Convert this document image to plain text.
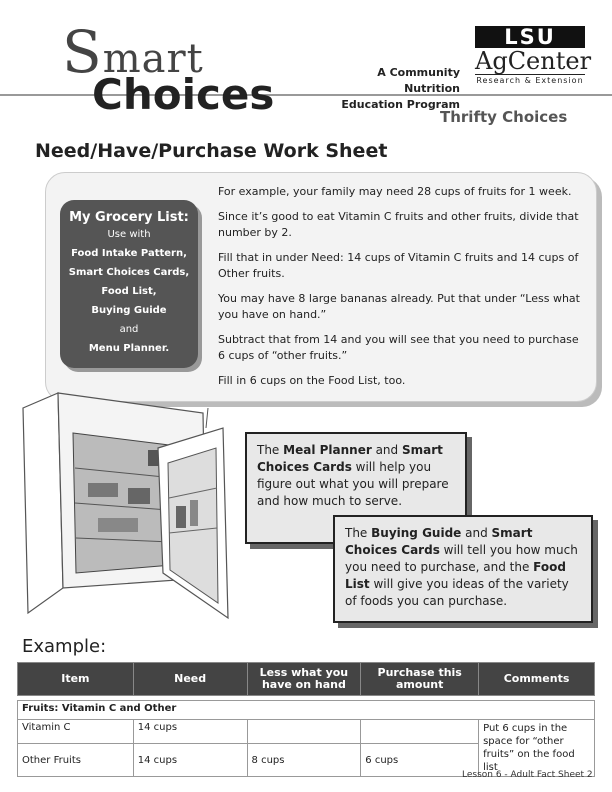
Smart
Choices	A Community Nutrition
Education Program
LSU
AgCenter
Research & Extension
Thrifty Choices
Need/Have/Purchase Work Sheet
My Grocery List:
Use with
Food Intake Pattern,
Smart Choices Cards,
Food List,
Buying Guide
and
Menu Planner.

For example, your family may need 28 cups of fruits for 1 week.

Since it’s good to eat Vitamin C fruits and other fruits, divide that number by 2.

Fill that in under Need: 14 cups of Vitamin C fruits and 14 cups of Other fruits.

You may have 8 large bananas already. Put that under “Less what you have on hand.”

Subtract that from 14 and you will see that you need to purchase 6 cups of “other fruits.”

Fill in 6 cups on the Food List, too.

The Meal Planner and Smart Choices Cards will help you figure out what you will prepare and how much to serve.
The Buying Guide and Smart Choices Cards will tell you how much you need to purchase, and the Food List will give you ideas of the variety of foods you can purchase.
Example:
Item	Need	Less what you have on hand	Purchase this amount	Comments

Fruits: Vitamin C and Other				
Vitamin C	14 cups			Put 6 cups in the space for “other fruits” on the food list
Other Fruits	14 cups	8 cups	6 cups	
Lesson 6 - Adult Fact Sheet 2
